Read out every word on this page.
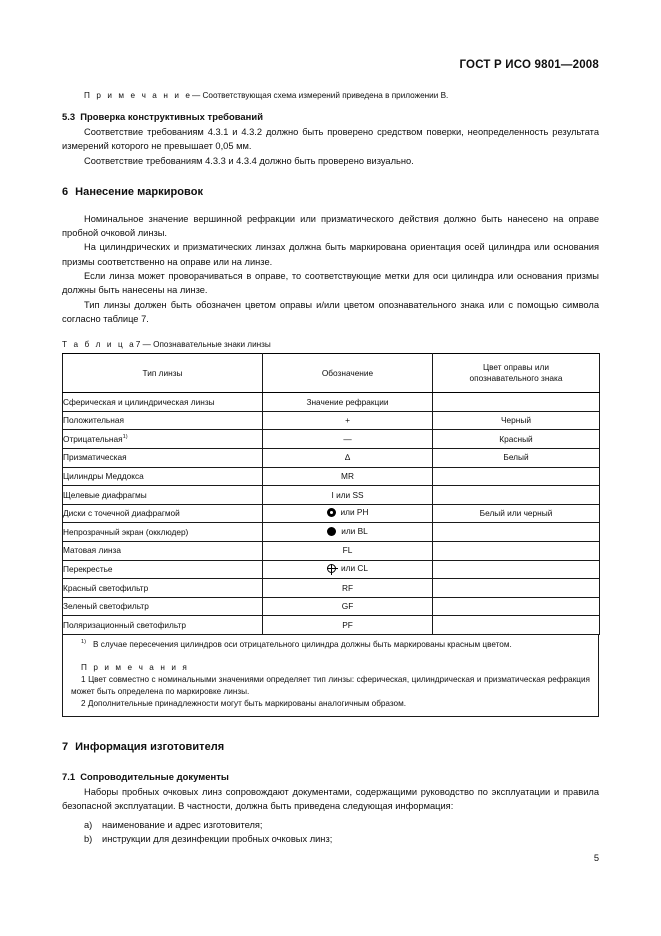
ГОСТ Р ИСО 9801—2008

П р и м е ч а н и е— Соответствующая схема измерений приведена в приложении В.

5.3 Проверка конструктивных требований

Соответствие требованиям 4.3.1 и 4.3.2 должно быть проверено средством поверки, неопределенность результата измерений которого не превышает 0,05 мм.

Соответствие требованиям 4.3.3 и 4.3.4 должно быть проверено визуально.

6 Нанесение маркировок

Номинальное значение вершинной рефракции или призматического действия должно быть нанесено на оправе пробной очковой линзы.

На цилиндрических и призматических линзах должна быть маркирована ориентация осей цилиндра или основания призмы соответственно на оправе или на линзе.

Если линза может проворачиваться в оправе, то соответствующие метки для оси цилиндра или основания призмы должны быть нанесены на линзе.

Тип линзы должен быть обозначен цветом оправы и/или цветом опознавательного знака или с помощью символа согласно таблице 7.

Т а б л и ц а7 — Опознавательные знаки линзы

Тип линзы	Обозначение	Цвет оправы или
опознавательного знака
Сферическая и цилиндрическая линзы	Значение рефракции	
Положительная	+	Черный
Отрицательная$^{1)}$	—	Красный
Призматическая	∆	Белый
Цилиндры Меддокса	MR	
Щелевые диафрагмы	I или SS	
Диски с точечной диафрагмой	или PH	Белый или черный
Непрозрачный экран (окклюдер)	или BL	

Матовая линза	FL	
Перекрестье	или CL	

Красный светофильтр	RF	
Зеленый светофильтр	GF	
Поляризационный светофильтр	PF	

$^{1)}$ В случае пересечения цилиндров оси отрицательного цилиндра должны быть маркированы красным цветом.

П р и м е ч а н и я

1 Цвет совместно с номинальными значениями определяет тип линзы: сферическая, цилиндрическая и призматическая рефракция может быть определена по маркировке линзы.

2 Дополнительные принадлежности могут быть маркированы аналогичным образом.

7 Информация изготовителя
7.1 Сопроводительные документы

Наборы пробных очковых линз сопровождают документами, содержащими руководство по эксплуатации и правила безопасной эксплуатации. В частности, должна быть приведена следующая информация:

a) наименование и адрес изготовителя;
b) инструкции для дезинфекции пробных очковых линз;
5
